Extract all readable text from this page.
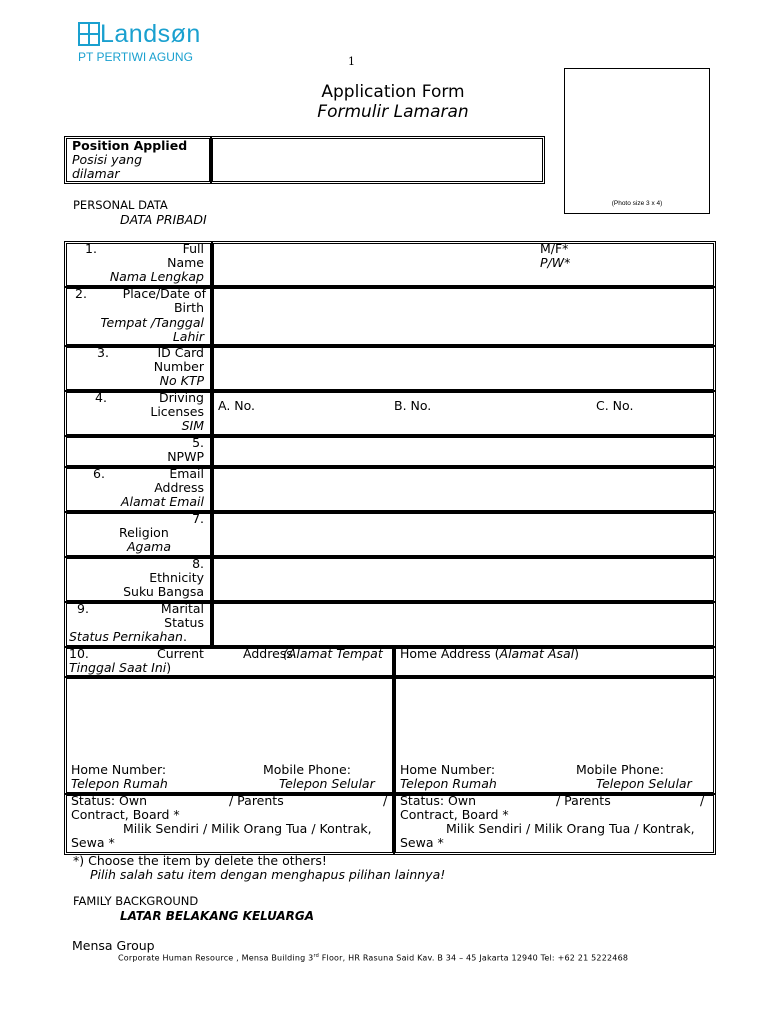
Landsøn
PT PERTIWI AGUNG	1
Application Form
Formulir Lamaran
(Photo size 3 x 4)
Position Applied
Posisi yang
dilamar
PERSONAL DATA
DATA PRIBADI
1.	Full
Name
Nama Lengkap
M/F*
P/W*
2.	Place/Date of
Birth
Tempat /Tanggal
Lahir
3.	ID Card
Number
No KTP
4.	Driving
Licenses
SIM
A. No.	B. No.	C. No.
5.
NPWP
6.	Email
Address
Alamat Email
7.
Religion
Agama
8.
Ethnicity
Suku Bangsa
9.	Marital
Status
Status Pernikahan.
10.	Current	Address
(Alamat Tempat
Tinggal Saat Ini)
Home Address (Alamat Asal)
Home Number:	Mobile Phone:
Telepon Rumah	Telepon Selular
Home Number:	Mobile Phone:
Telepon Rumah	Telepon Selular
Status: Own	/ Parents	/
Contract, Board *
Milik Sendiri / Milik Orang Tua / Kontrak,
Sewa *
Status: Own	/ Parents	/
Contract, Board *
Milik Sendiri / Milik Orang Tua / Kontrak,
Sewa *
*) Choose the item by delete the others!
Pilih salah satu item dengan menghapus pilihan lainnya!
FAMILY BACKGROUND
LATAR BELAKANG KELUARGA
Mensa Group
Corporate Human Resource , Mensa Building 3rd Floor, HR Rasuna Said Kav. B 34 – 45 Jakarta 12940 Tel: +62 21 5222468
